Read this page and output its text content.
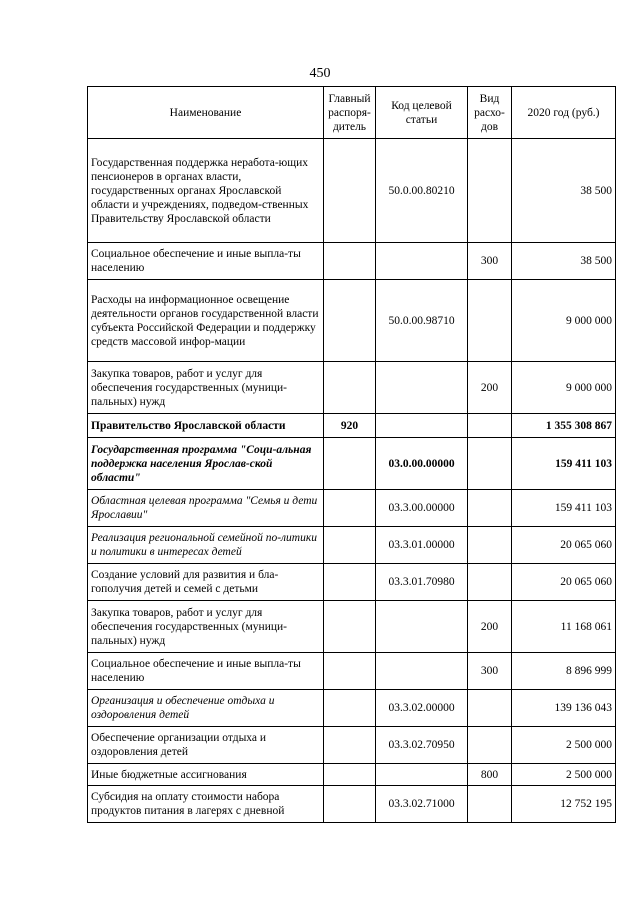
450
Наименование	Главный распоря-дитель	Код целевой статьи	Вид расхо-дов	2020 год (руб.)
Государственная поддержка неработа-ющих пенсионеров в органах власти, государственных органах Ярославской области и учреждениях, подведом-ственных Правительству Ярославской области		50.0.00.80210		38 500
Социальное обеспечение и иные выпла-ты населению			300	38 500
Расходы на информационное освещение деятельности органов государственной власти субъекта Российской Федерации и поддержку средств массовой инфор-мации		50.0.00.98710		9 000 000
Закупка товаров, работ и услуг для обеспечения государственных (муници-пальных) нужд			200	9 000 000
Правительство Ярославской области	920			1 355 308 867
Государственная программа "Соци-альная поддержка населения Ярослав-ской области"		03.0.00.00000		159 411 103
Областная целевая программа "Семья и дети Ярославии"		03.3.00.00000		159 411 103
Реализация региональной семейной по-литики и политики в интересах детей		03.3.01.00000		20 065 060
Создание условий для развития и бла-гополучия детей и семей с детьми		03.3.01.70980		20 065 060
Закупка товаров, работ и услуг для обеспечения государственных (муници-пальных) нужд			200	11 168 061
Социальное обеспечение и иные выпла-ты населению			300	8 896 999
Организация и обеспечение отдыха и оздоровления детей		03.3.02.00000		139 136 043
Обеспечение организации отдыха и оздоровления детей		03.3.02.70950		2 500 000
Иные бюджетные ассигнования			800	2 500 000
Субсидия на оплату стоимости набора продуктов питания в лагерях с дневной		03.3.02.71000		12 752 195
